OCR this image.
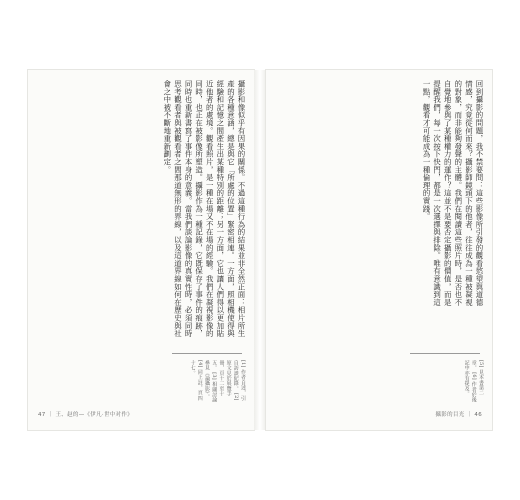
攝影和像似乎有因果的關係。不過這種行為的結果並非全然正面：相片所生產的各種意涵，總是與它「所處的位置」緊密相連。一方面，照相機使得與經驗和記憶之間產生出某種特別的距離；另一方面，它也讓人們得以更加貼近他者的處境。觀看照片，是一種在場又不在場的經驗。我們在凝視影像的同時，也正在被影像所塑造。攝影作為一種記錄，它既保存了事件的痕跡，同時也重新書寫了事件本身的意義。當我們談論影像的真實性時，必須同時思考觀看者與被觀看者之間那道無形的界線，以及這道界線如何在歷史與社會之中被不斷地重新劃定。
[1] 作者自述，引自訪談紀錄。 [2] 原文見於展覽手冊，頁十二至十五。 [3] 相關討論參見《論攝影》。 [4] 同上註，頁四十七。
47 ｜ 王、赵的—《伊凡·世中对作》
回到攝影的問題，我不禁要問：這些影像所引發的觀看慾望與道德情感，究竟從何而來？攝影師鏡頭下的他者，往往成為一種被凝視的對象，而非能夠發聲的主體。我們在閱讀這些照片時，是否也不自覺地參與了某種權力的運作？這並不是要否定攝影的價值，而是提醒我們，每一次按下快門，都是一次選擇與排除。唯有意識到這一點，觀看才可能成為一種倫理的實踐。
[5] 見本書第二章。 [6] 作者於後記中亦有提及。
攝影的目光 ｜ 46
